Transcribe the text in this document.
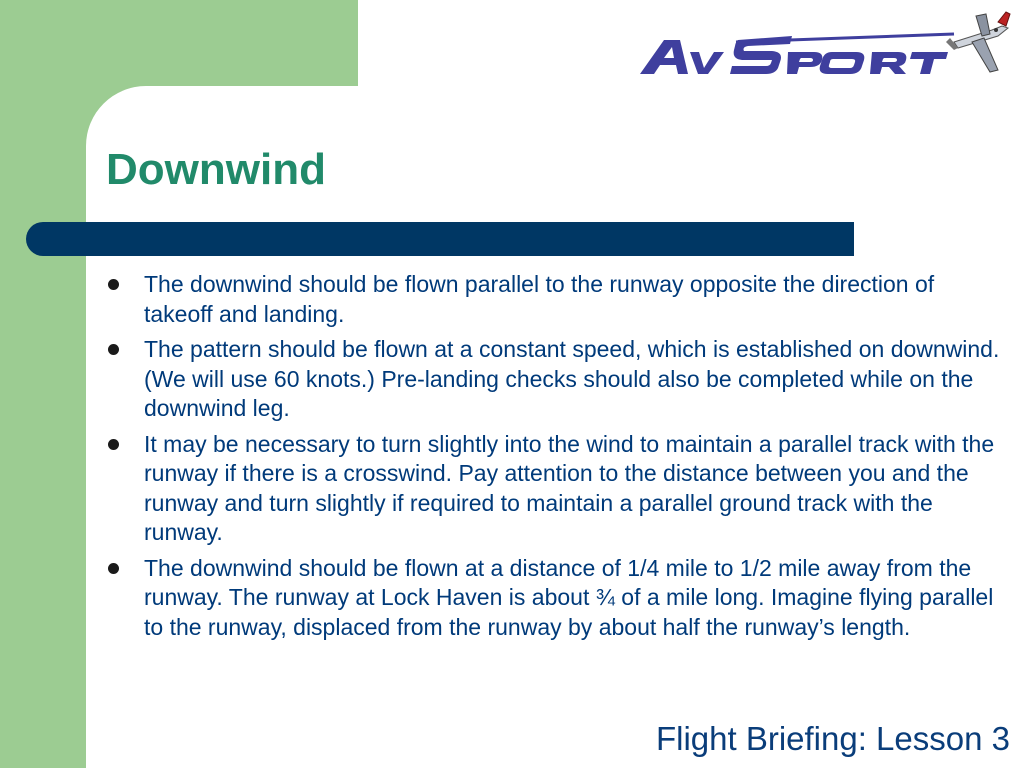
Downwind
The downwind should be flown parallel to the runway opposite the direction of takeoff and landing.
The pattern should be flown at a constant speed, which is established on downwind. (We will use 60 knots.) Pre-landing checks should also be completed while on the downwind leg.
It may be necessary to turn slightly into the wind to maintain a parallel track with the runway if there is a crosswind. Pay attention to the distance between you and the runway and turn slightly if required to maintain a parallel ground track with the runway.
The downwind should be flown at a distance of 1/4 mile to 1/2 mile away from the runway. The runway at Lock Haven is about ¾ of a mile long. Imagine flying parallel to the runway, displaced from the runway by about half the runway’s length.
Flight Briefing: Lesson 3
